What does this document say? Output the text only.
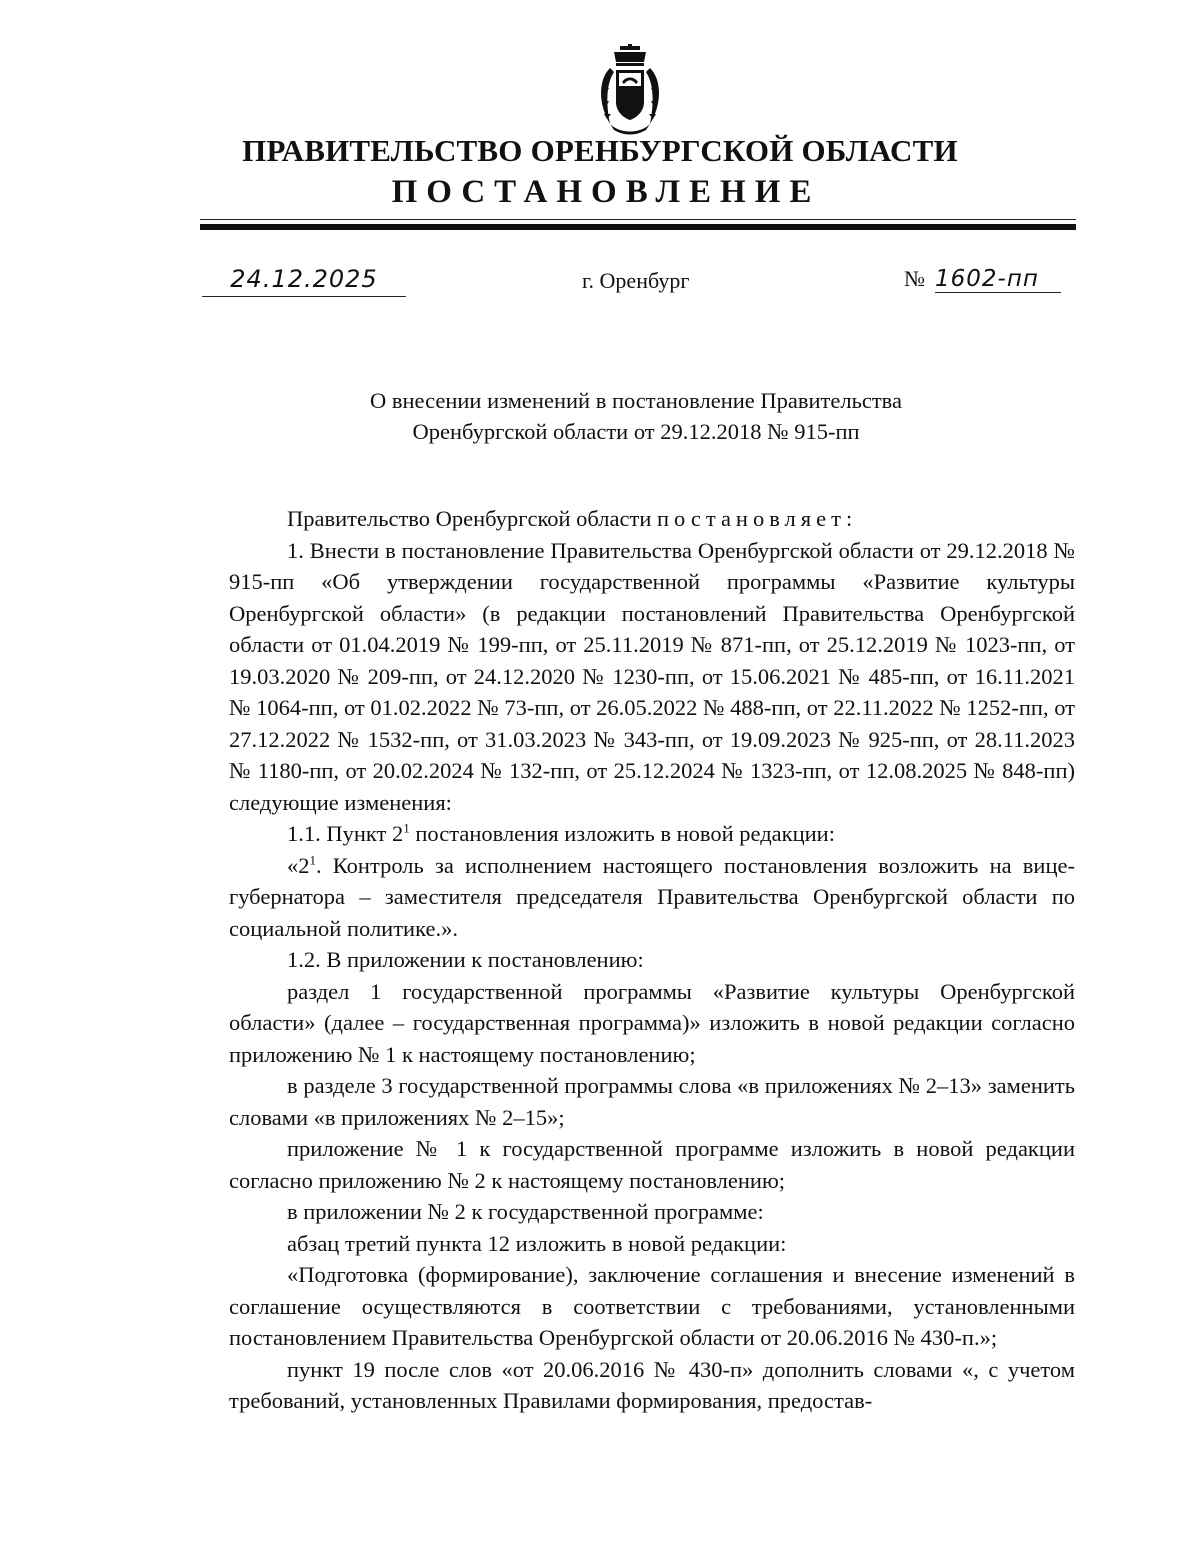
ПРАВИТЕЛЬСТВО ОРЕНБУРГСКОЙ ОБЛАСТИ
ПОСТАНОВЛЕНИЕ
24.12.2025	г. Оренбург	№ 1602-пп
О внесении изменений в постановление Правительства
Оренбургской области от 29.12.2018 № 915-пп

Правительство Оренбургской области постановляет:

1. Внести в постановление Правительства Оренбургской области от 29.12.2018 № 915-пп «Об утверждении государственной программы «Развитие культуры Оренбургской области» (в редакции постановлений Правительства Оренбургской области от 01.04.2019 № 199-пп, от 25.11.2019 № 871-пп, от 25.12.2019 № 1023-пп, от 19.03.2020 № 209-пп, от 24.12.2020 № 1230-пп, от 15.06.2021 № 485-пп, от 16.11.2021 № 1064-пп, от 01.02.2022 № 73-пп, от 26.05.2022 № 488-пп, от 22.11.2022 № 1252-пп, от 27.12.2022 № 1532-пп, от 31.03.2023 № 343-пп, от 19.09.2023 № 925-пп, от 28.11.2023 № 1180-пп, от 20.02.2024 № 132-пп, от 25.12.2024 № 1323-пп, от 12.08.2025 № 848-пп) следующие изменения:

1.1. Пункт $2^1$ постановления изложить в новой редакции:

«$2^1$. Контроль за исполнением настоящего постановления возложить на вице-губернатора – заместителя председателя Правительства Оренбургской области по социальной политике.».

1.2. В приложении к постановлению:

раздел 1 государственной программы «Развитие культуры Оренбургской области» (далее – государственная программа)» изложить в новой редакции согласно приложению № 1 к настоящему постановлению;

в разделе 3 государственной программы слова «в приложениях № 2–13» заменить словами «в приложениях № 2–15»;

приложение № 1 к государственной программе изложить в новой редакции согласно приложению № 2 к настоящему постановлению;

в приложении № 2 к государственной программе:

абзац третий пункта 12 изложить в новой редакции:

«Подготовка (формирование), заключение соглашения и внесение изменений в соглашение осуществляются в соответствии с требованиями, установленными постановлением Правительства Оренбургской области от 20.06.2016 № 430-п.»;

пункт 19 после слов «от 20.06.2016 № 430-п» дополнить словами «, с учетом требований, установленных Правилами формирования, предостав-
